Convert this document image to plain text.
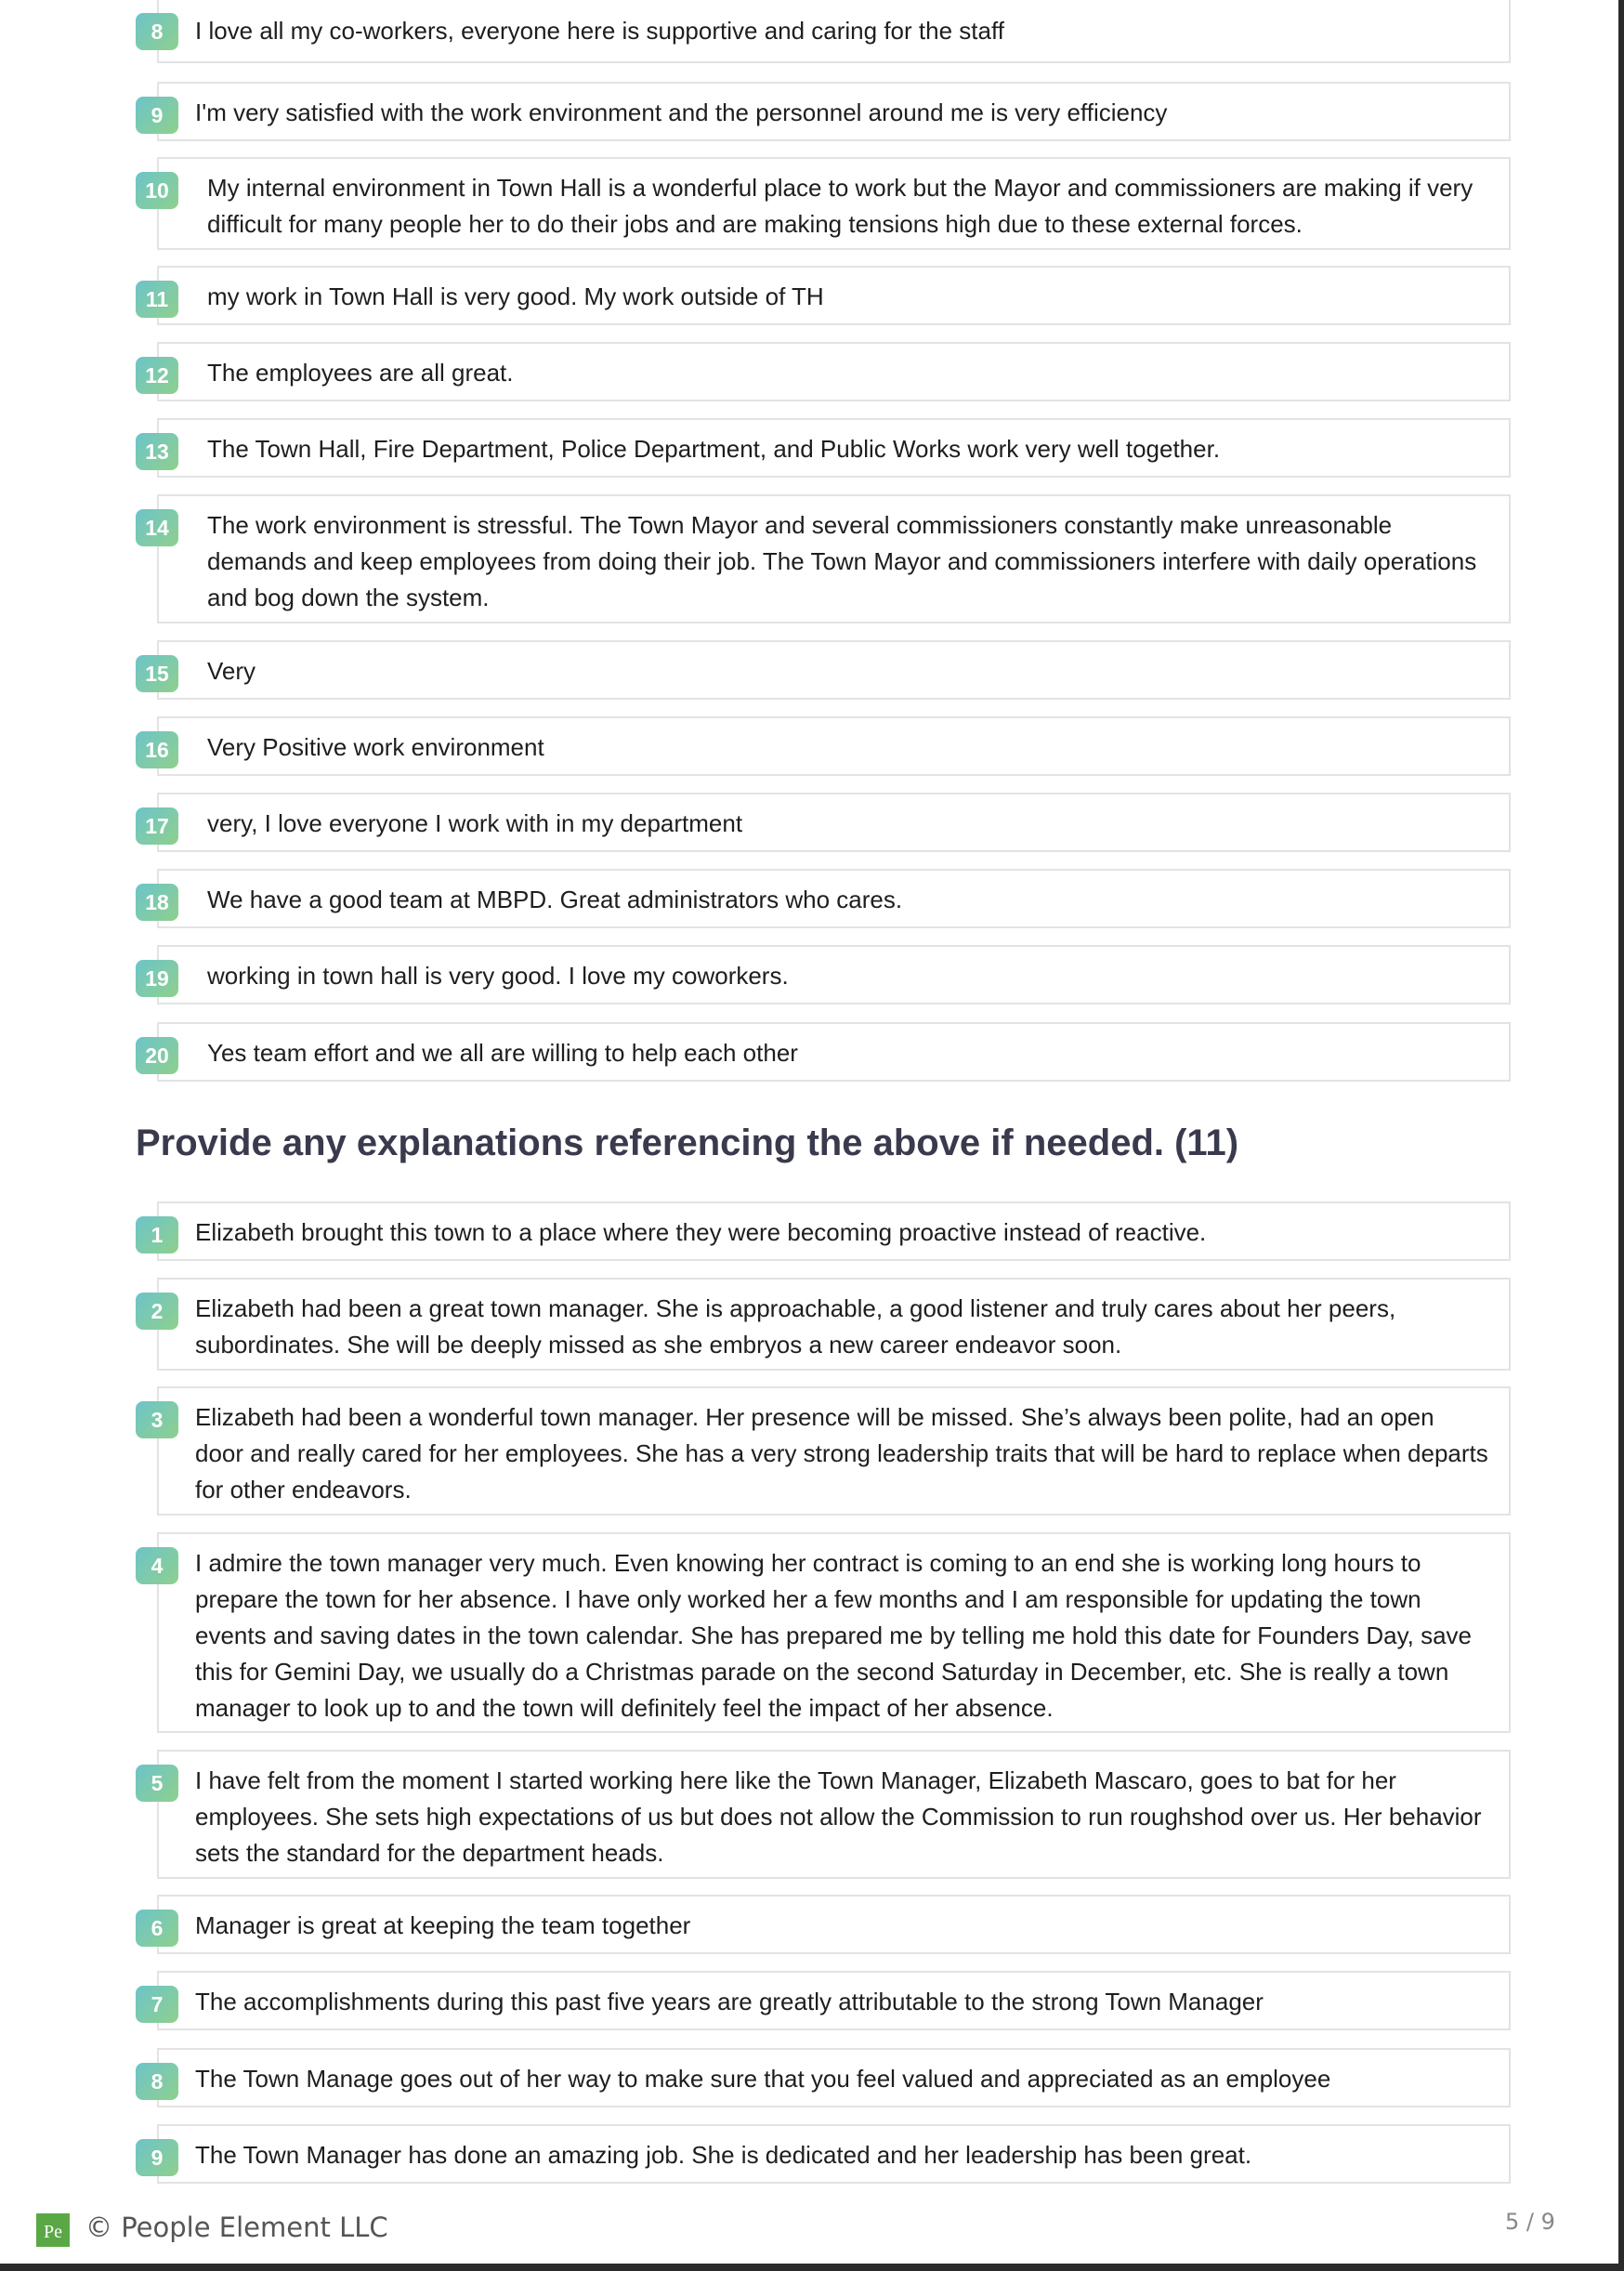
8	I love all my co-workers, everyone here is supportive and caring for the staff
9	I'm very satisfied with the work environment and the personnel around me is very efficiency
10	My internal environment in Town Hall is a wonderful place to work but the Mayor and commissioners are making if very difficult for many people her to do their jobs and are making tensions high due to these external forces.
11	my work in Town Hall is very good. My work outside of TH
12	The employees are all great.
13	The Town Hall, Fire Department, Police Department, and Public Works work very well together.
14	The work environment is stressful. The Town Mayor and several commissioners constantly make unreasonable demands and keep employees from doing their job. The Town Mayor and commissioners interfere with daily operations and bog down the system.
15	Very
16	Very Positive work environment
17	very, I love everyone I work with in my department
18	We have a good team at MBPD. Great administrators who cares.
19	working in town hall is very good. I love my coworkers.
20	Yes team effort and we all are willing to help each other
Provide any explanations referencing the above if needed. (11)
1	Elizabeth brought this town to a place where they were becoming proactive instead of reactive.
2	Elizabeth had been a great town manager. She is approachable, a good listener and truly cares about her peers, subordinates. She will be deeply missed as she embryos a new career endeavor soon.
3	Elizabeth had been a wonderful town manager. Her presence will be missed. She’s always been polite, had an open door and really cared for her employees. She has a very strong leadership traits that will be hard to replace when departs for other endeavors.
4	I admire the town manager very much. Even knowing her contract is coming to an end she is working long hours to prepare the town for her absence. I have only worked her a few months and I am responsible for updating the town events and saving dates in the town calendar. She has prepared me by telling me hold this date for Founders Day, save this for Gemini Day, we usually do a Christmas parade on the second Saturday in December, etc. She is really a town manager to look up to and the town will definitely feel the impact of her absence.
5	I have felt from the moment I started working here like the Town Manager, Elizabeth Mascaro, goes to bat for her employees. She sets high expectations of us but does not allow the Commission to run roughshod over us. Her behavior sets the standard for the department heads.
6	Manager is great at keeping the team together
7	The accomplishments during this past five years are greatly attributable to the strong Town Manager
8	The Town Manage goes out of her way to make sure that you feel valued and appreciated as an employee
9	The Town Manager has done an amazing job. She is dedicated and her leadership has been great.
Pe © People Element LLC	5 / 9
